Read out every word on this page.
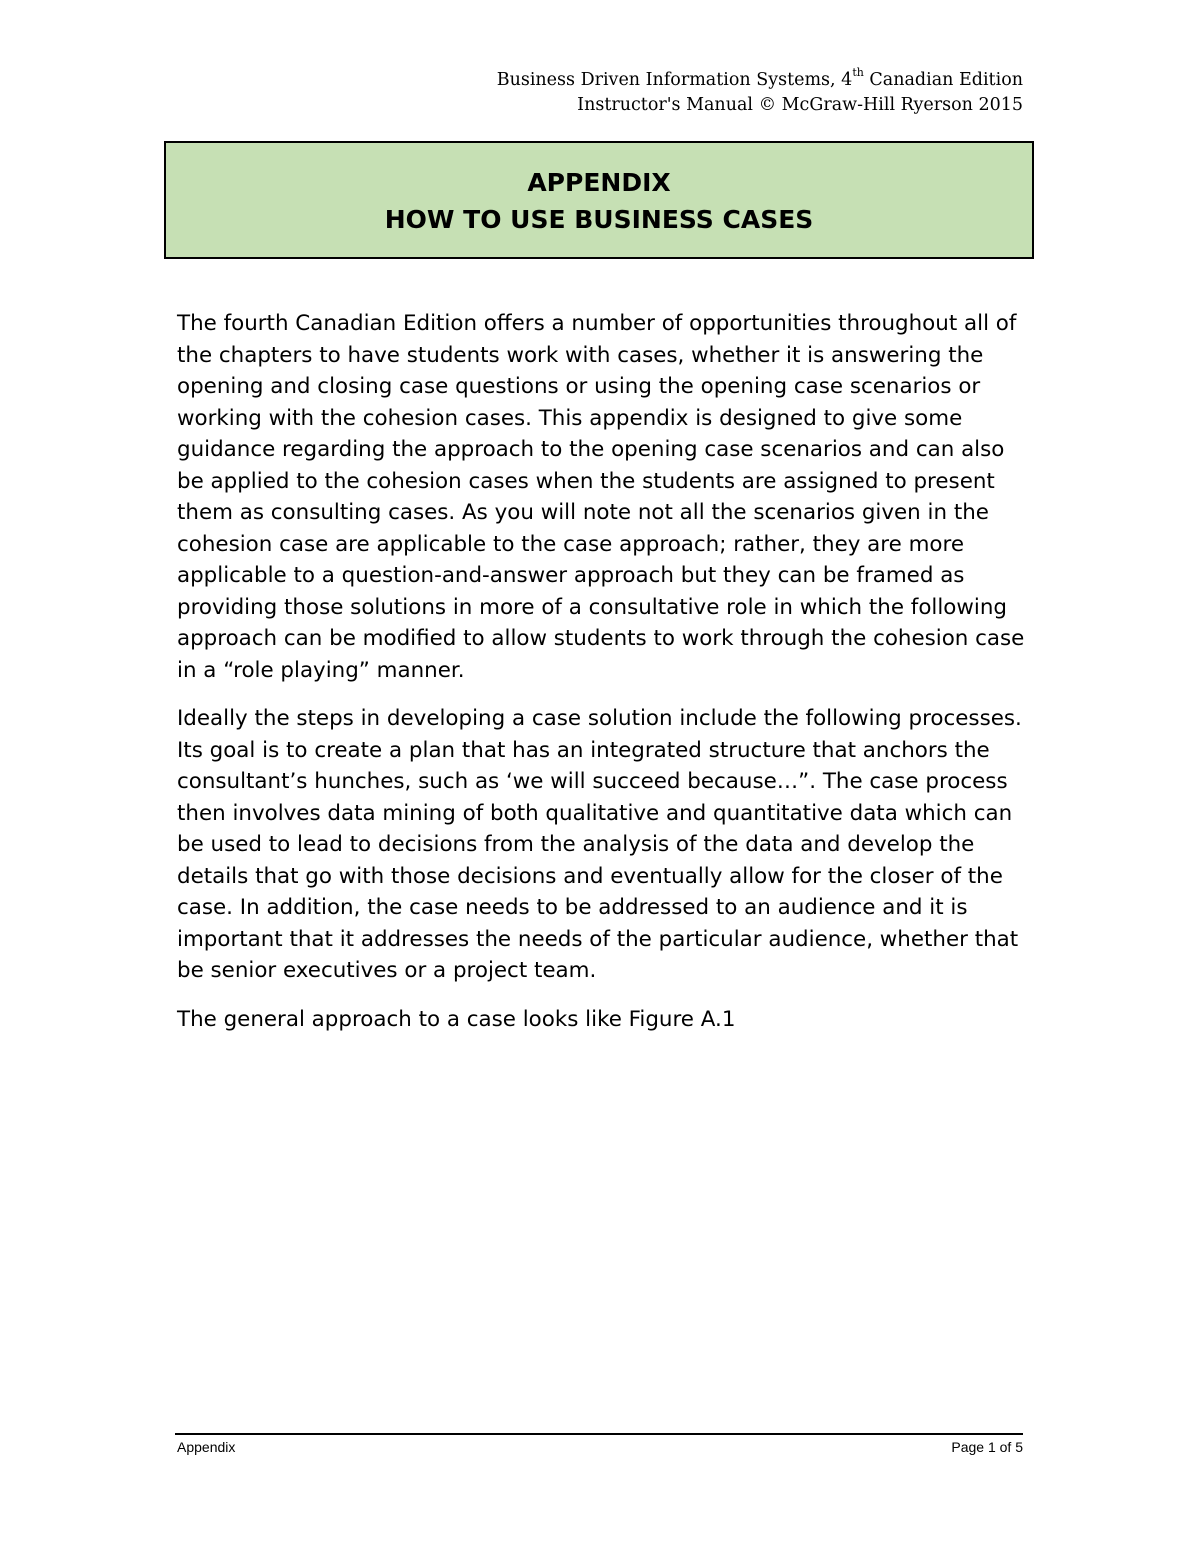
Business Driven Information Systems, 4th Canadian Edition
Instructor's Manual © McGraw-Hill Ryerson 2015
APPENDIX
HOW TO USE BUSINESS CASES

The fourth Canadian Edition offers a number of opportunities throughout all of the chapters to have students work with cases, whether it is answering the opening and closing case questions or using the opening case scenarios or working with the cohesion cases. This appendix is designed to give some guidance regarding the approach to the opening case scenarios and can also be applied to the cohesion cases when the students are assigned to present them as consulting cases. As you will note not all the scenarios given in the cohesion case are applicable to the case approach; rather, they are more applicable to a question-and-answer approach but they can be framed as providing those solutions in more of a consultative role in which the following approach can be modified to allow students to work through the cohesion case in a “role playing” manner.

Ideally the steps in developing a case solution include the following processes. Its goal is to create a plan that has an integrated structure that anchors the consultant’s hunches, such as ‘we will succeed because…”. The case process then involves data mining of both qualitative and quantitative data which can be used to lead to decisions from the analysis of the data and develop the details that go with those decisions and eventually allow for the closer of the case. In addition, the case needs to be addressed to an audience and it is important that it addresses the needs of the particular audience, whether that be senior executives or a project team.

The general approach to a case looks like Figure A.1

Appendix	Page 1 of 5
